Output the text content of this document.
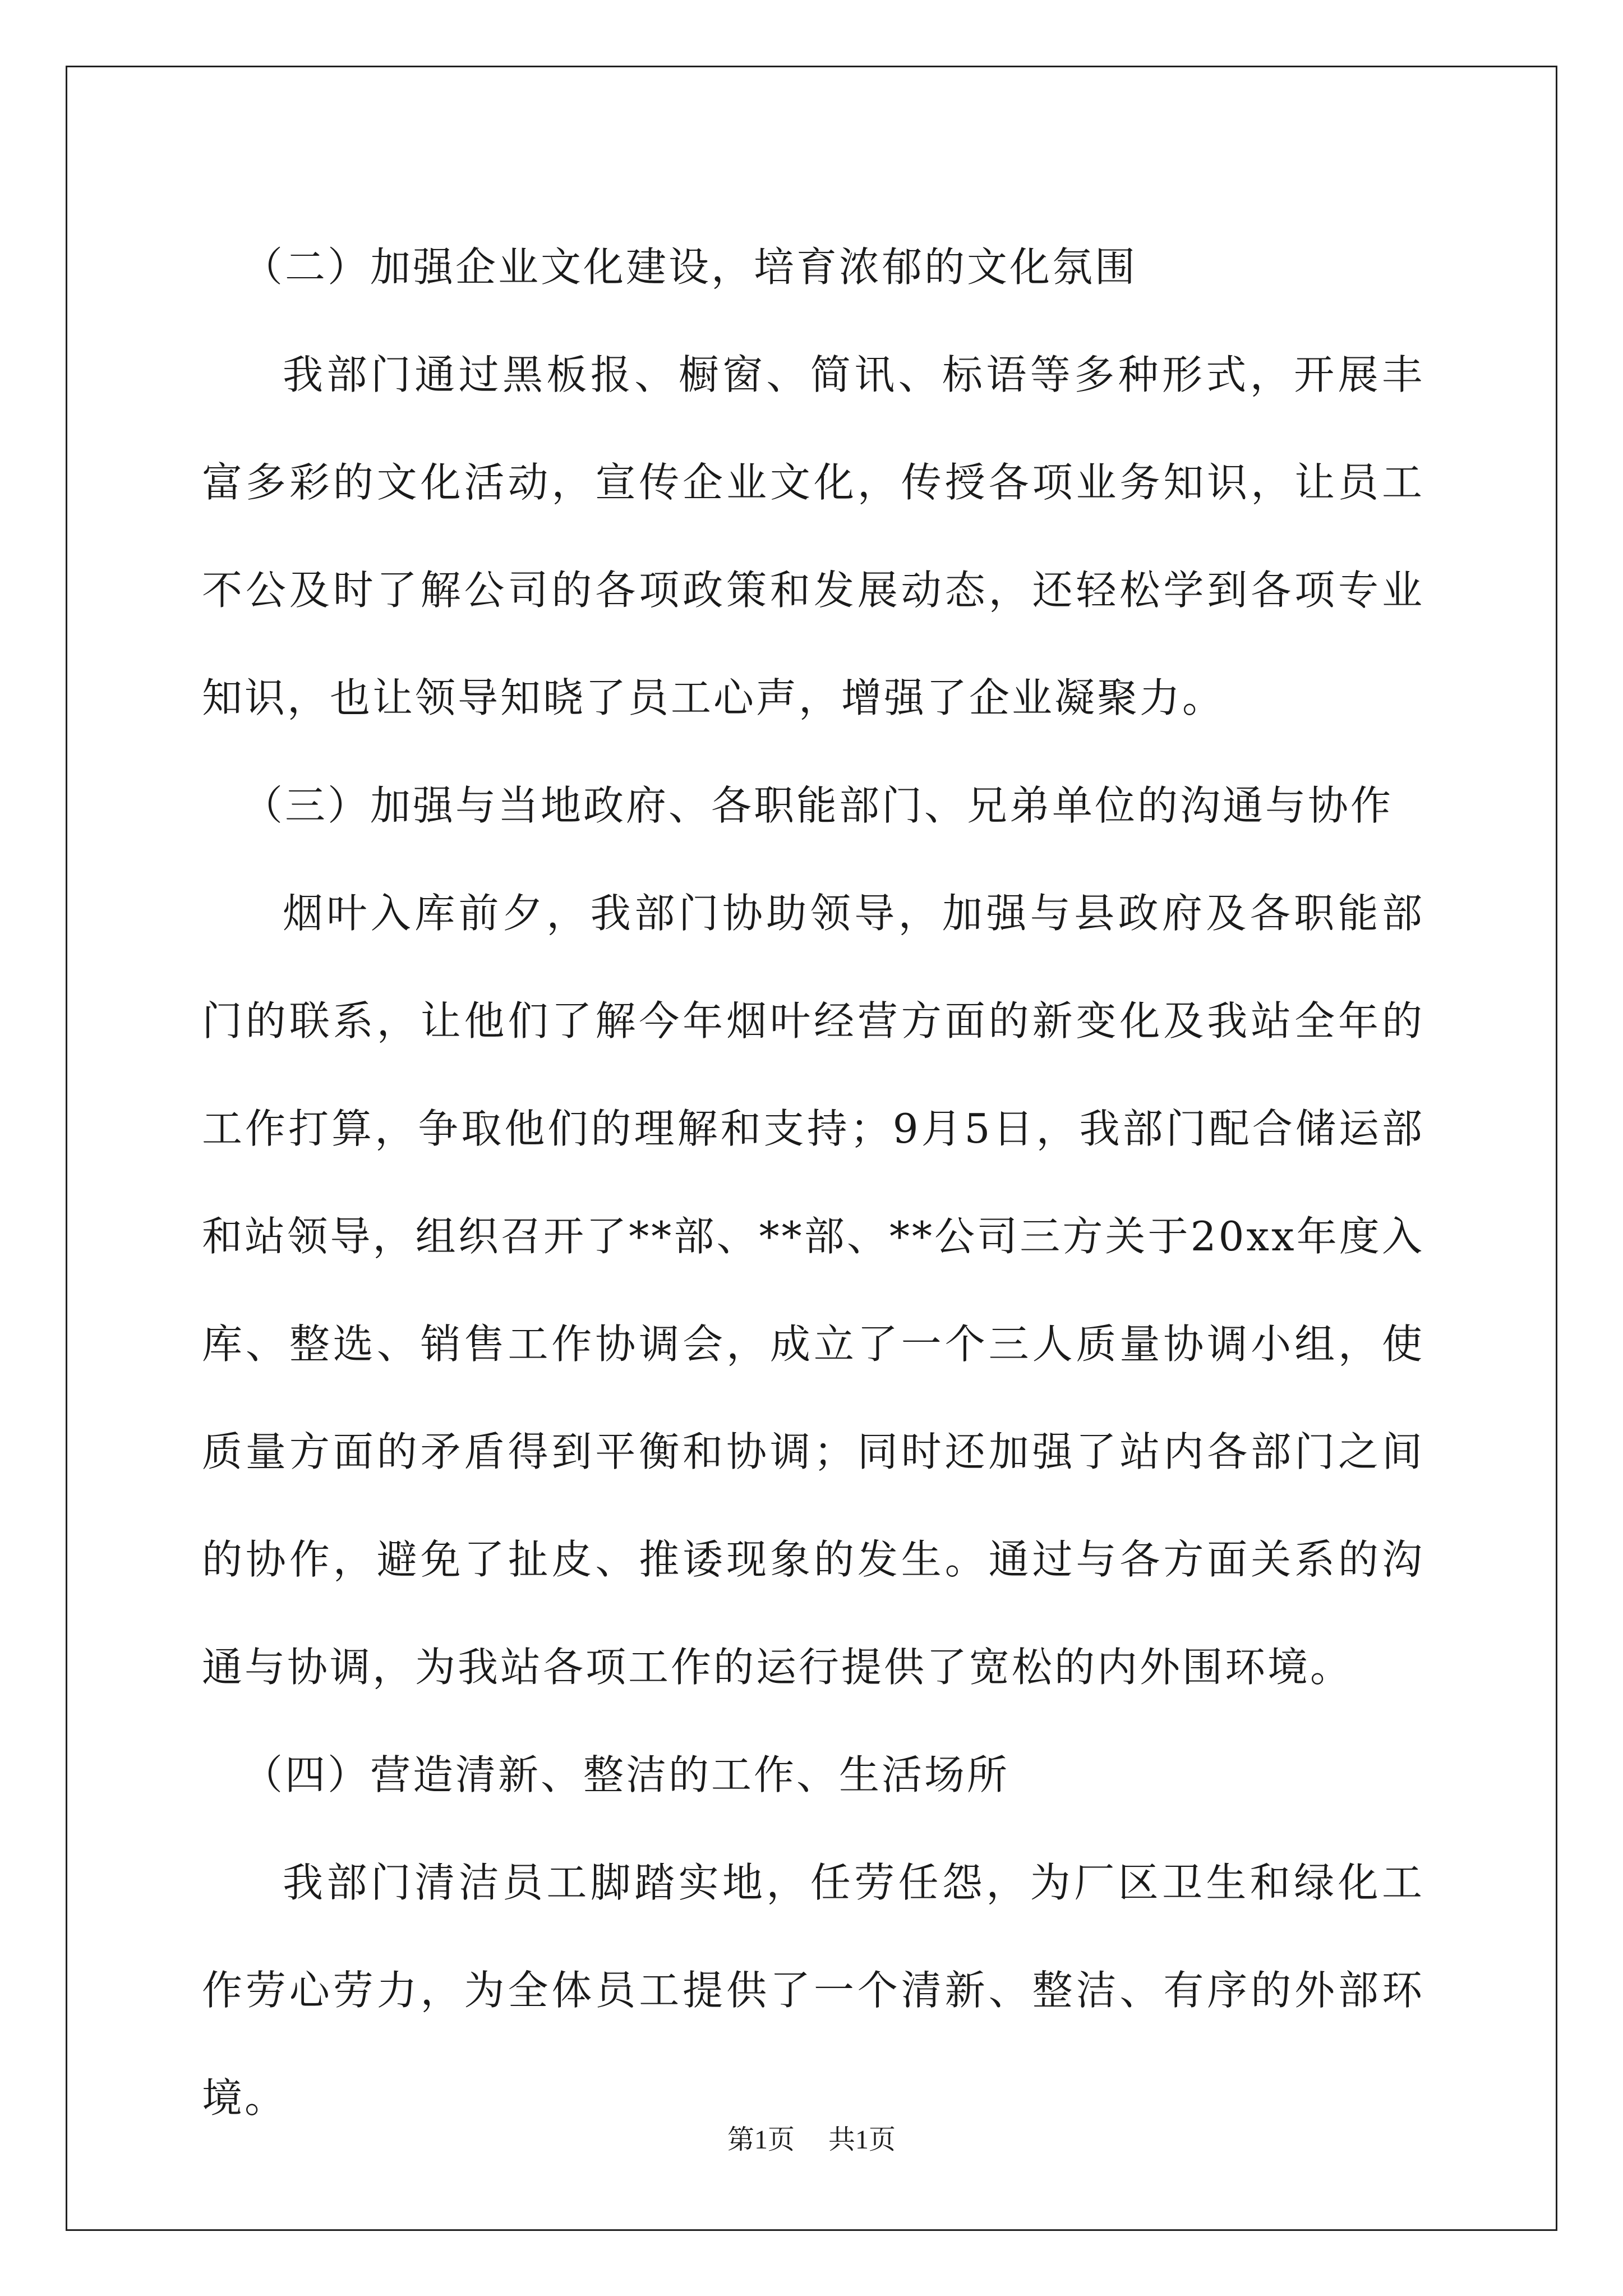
（二）加强企业文化建设，培育浓郁的文化氛围

我部门通过黑板报、橱窗、简讯、标语等多种形式，开展丰富多彩的文化活动，宣传企业文化，传授各项业务知识，让员工不公及时了解公司的各项政策和发展动态，还轻松学到各项专业知识，也让领导知晓了员工心声，增强了企业凝聚力。

（三）加强与当地政府、各职能部门、兄弟单位的沟通与协作

烟叶入库前夕，我部门协助领导，加强与县政府及各职能部门的联系，让他们了解今年烟叶经营方面的新变化及我站全年的工作打算，争取他们的理解和支持；9月5日，我部门配合储运部和站领导，组织召开了**部、**部、**公司三方关于20xx年度入库、整选、销售工作协调会，成立了一个三人质量协调小组，使质量方面的矛盾得到平衡和协调；同时还加强了站内各部门之间的协作，避免了扯皮、推诿现象的发生。通过与各方面关系的沟通与协调，为我站各项工作的运行提供了宽松的内外围环境。

（四）营造清新、整洁的工作、生活场所

我部门清洁员工脚踏实地，任劳任怨，为厂区卫生和绿化工作劳心劳力，为全体员工提供了一个清新、整洁、有序的外部环境。

第1页 共1页
